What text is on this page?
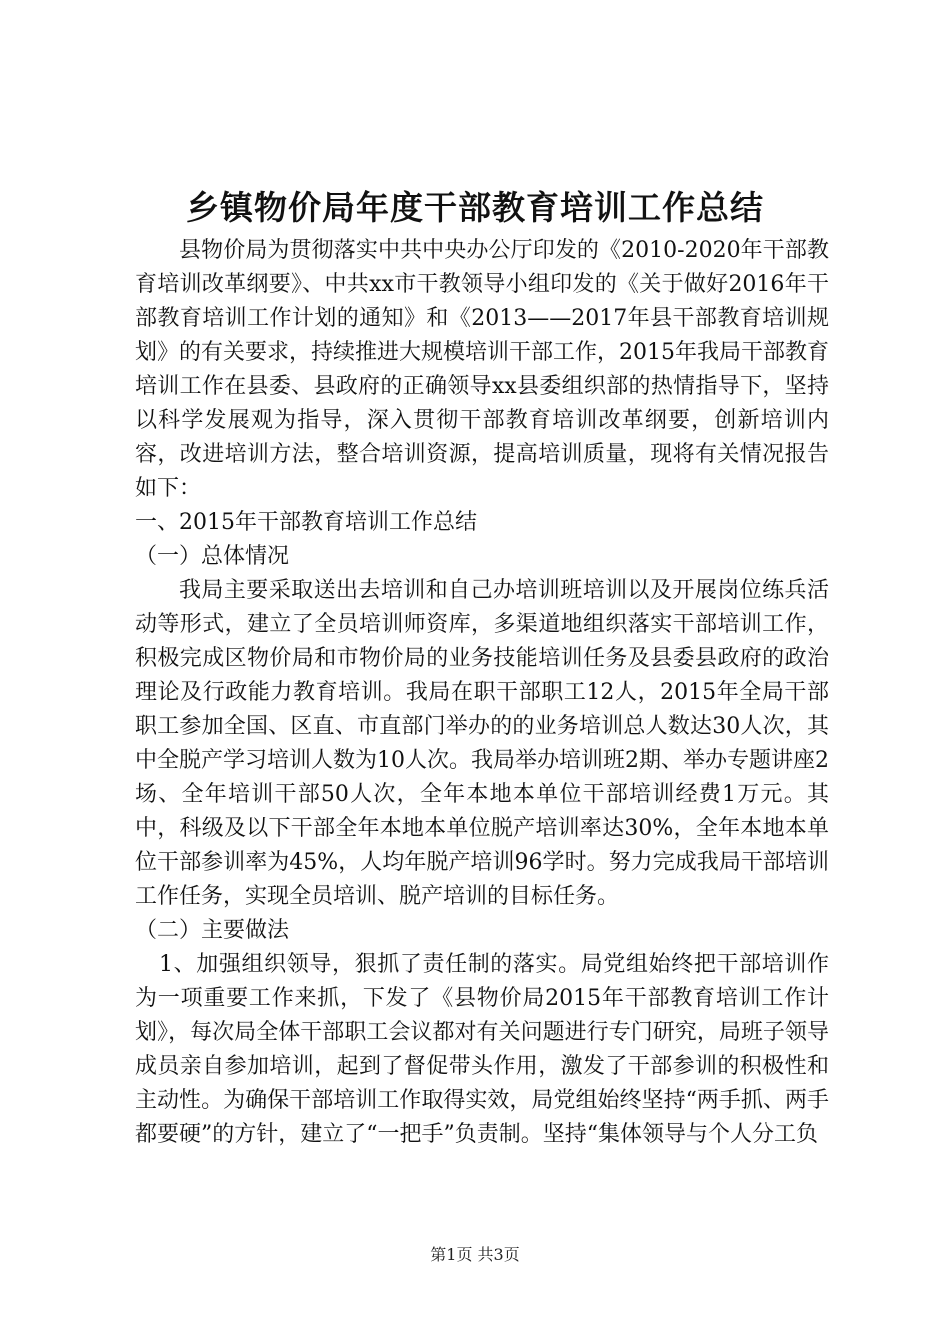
乡镇物价局年度干部教育培训工作总结

县物价局为贯彻落实中共中央办公厅印发的《2010-2020年干部教育培训改革纲要》、中共xx市干教领导小组印发的《关于做好2016年干部教育培训工作计划的通知》和《2013——2017年县干部教育培训规划》的有关要求，持续推进大规模培训干部工作，2015年我局干部教育培训工作在县委、县政府的正确领导xx县委组织部的热情指导下，坚持以科学发展观为指导，深入贯彻干部教育培训改革纲要，创新培训内容，改进培训方法，整合培训资源，提高培训质量，现将有关情况报告如下：

一、2015年干部教育培训工作总结

（一）总体情况

我局主要采取送出去培训和自己办培训班培训以及开展岗位练兵活动等形式，建立了全员培训师资库，多渠道地组织落实干部培训工作，积极完成区物价局和市物价局的业务技能培训任务及县委县政府的政治理论及行政能力教育培训。我局在职干部职工12人，2015年全局干部职工参加全国、区直、市直部门举办的的业务培训总人数达30人次，其中全脱产学习培训人数为10人次。我局举办培训班2期、举办专题讲座2场、全年培训干部50人次，全年本地本单位干部培训经费1万元。其中，科级及以下干部全年本地本单位脱产培训率达30%，全年本地本单位干部参训率为45%，人均年脱产培训96学时。努力完成我局干部培训工作任务，实现全员培训、脱产培训的目标任务。

（二）主要做法

1、加强组织领导，狠抓了责任制的落实。局党组始终把干部培训作为一项重要工作来抓，下发了《县物价局2015年干部教育培训工作计划》，每次局全体干部职工会议都对有关问题进行专门研究，局班子领导成员亲自参加培训，起到了督促带头作用，激发了干部参训的积极性和主动性。为确保干部培训工作取得实效，局党组始终坚持“两手抓、两手都要硬”的方针，建立了“一把手”负责制。坚持“集体领导与个人分工负

第1页 共3页
